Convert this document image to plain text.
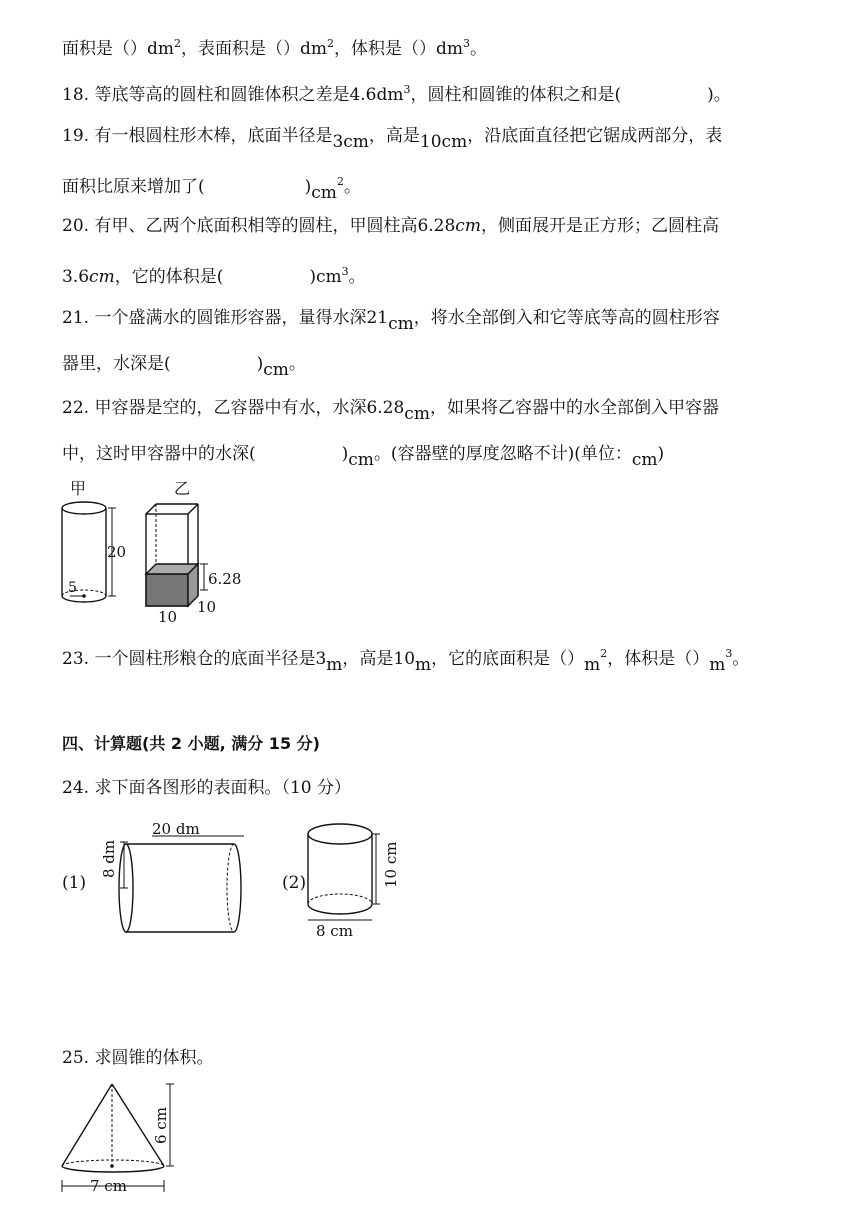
面积是$()dm^2$，表面积是$()dm^2$，体积是$()dm^3$。
18. 等底等高的圆柱和圆锥体积之差是$4.6dm^3$，圆柱和圆锥的体积之和是(	)。
19. 有一根圆柱形木棒，底面半径是3cm，高是10cm，沿底面直径把它锯成两部分，表
面积比原来增加了(	)$cm^2$。
20. 有甲、乙两个底面积相等的圆柱，甲圆柱高6.28cm，侧面展开是正方形；乙圆柱高
3.6cm，它的体积是(	)$cm^3$。
21. 一个盛满水的圆锥形容器，量得水深21cm，将水全部倒入和它等底等高的圆柱形容
器里，水深是(	)cm。
22. 甲容器是空的，乙容器中有水，水深6.28cm，如果将乙容器中的水全部倒入甲容器
中，这时甲容器中的水深(	)cm。(容器壁的厚度忽略不计)(单位：cm)
甲
5
20
乙
6.28
10
10
23. 一个圆柱形粮仓的底面半径是3m，高是10m，它的底面积是$()m^2$，体积是$()m^3$。
四、计算题(共 2 小题, 满分 15 分)
24. 求下面各图形的表面积。（10 分）
(1)
20 dm
8 dm
(2)	10 cm
8 cm
25. 求圆锥的体积。
6 cm
7 cm
